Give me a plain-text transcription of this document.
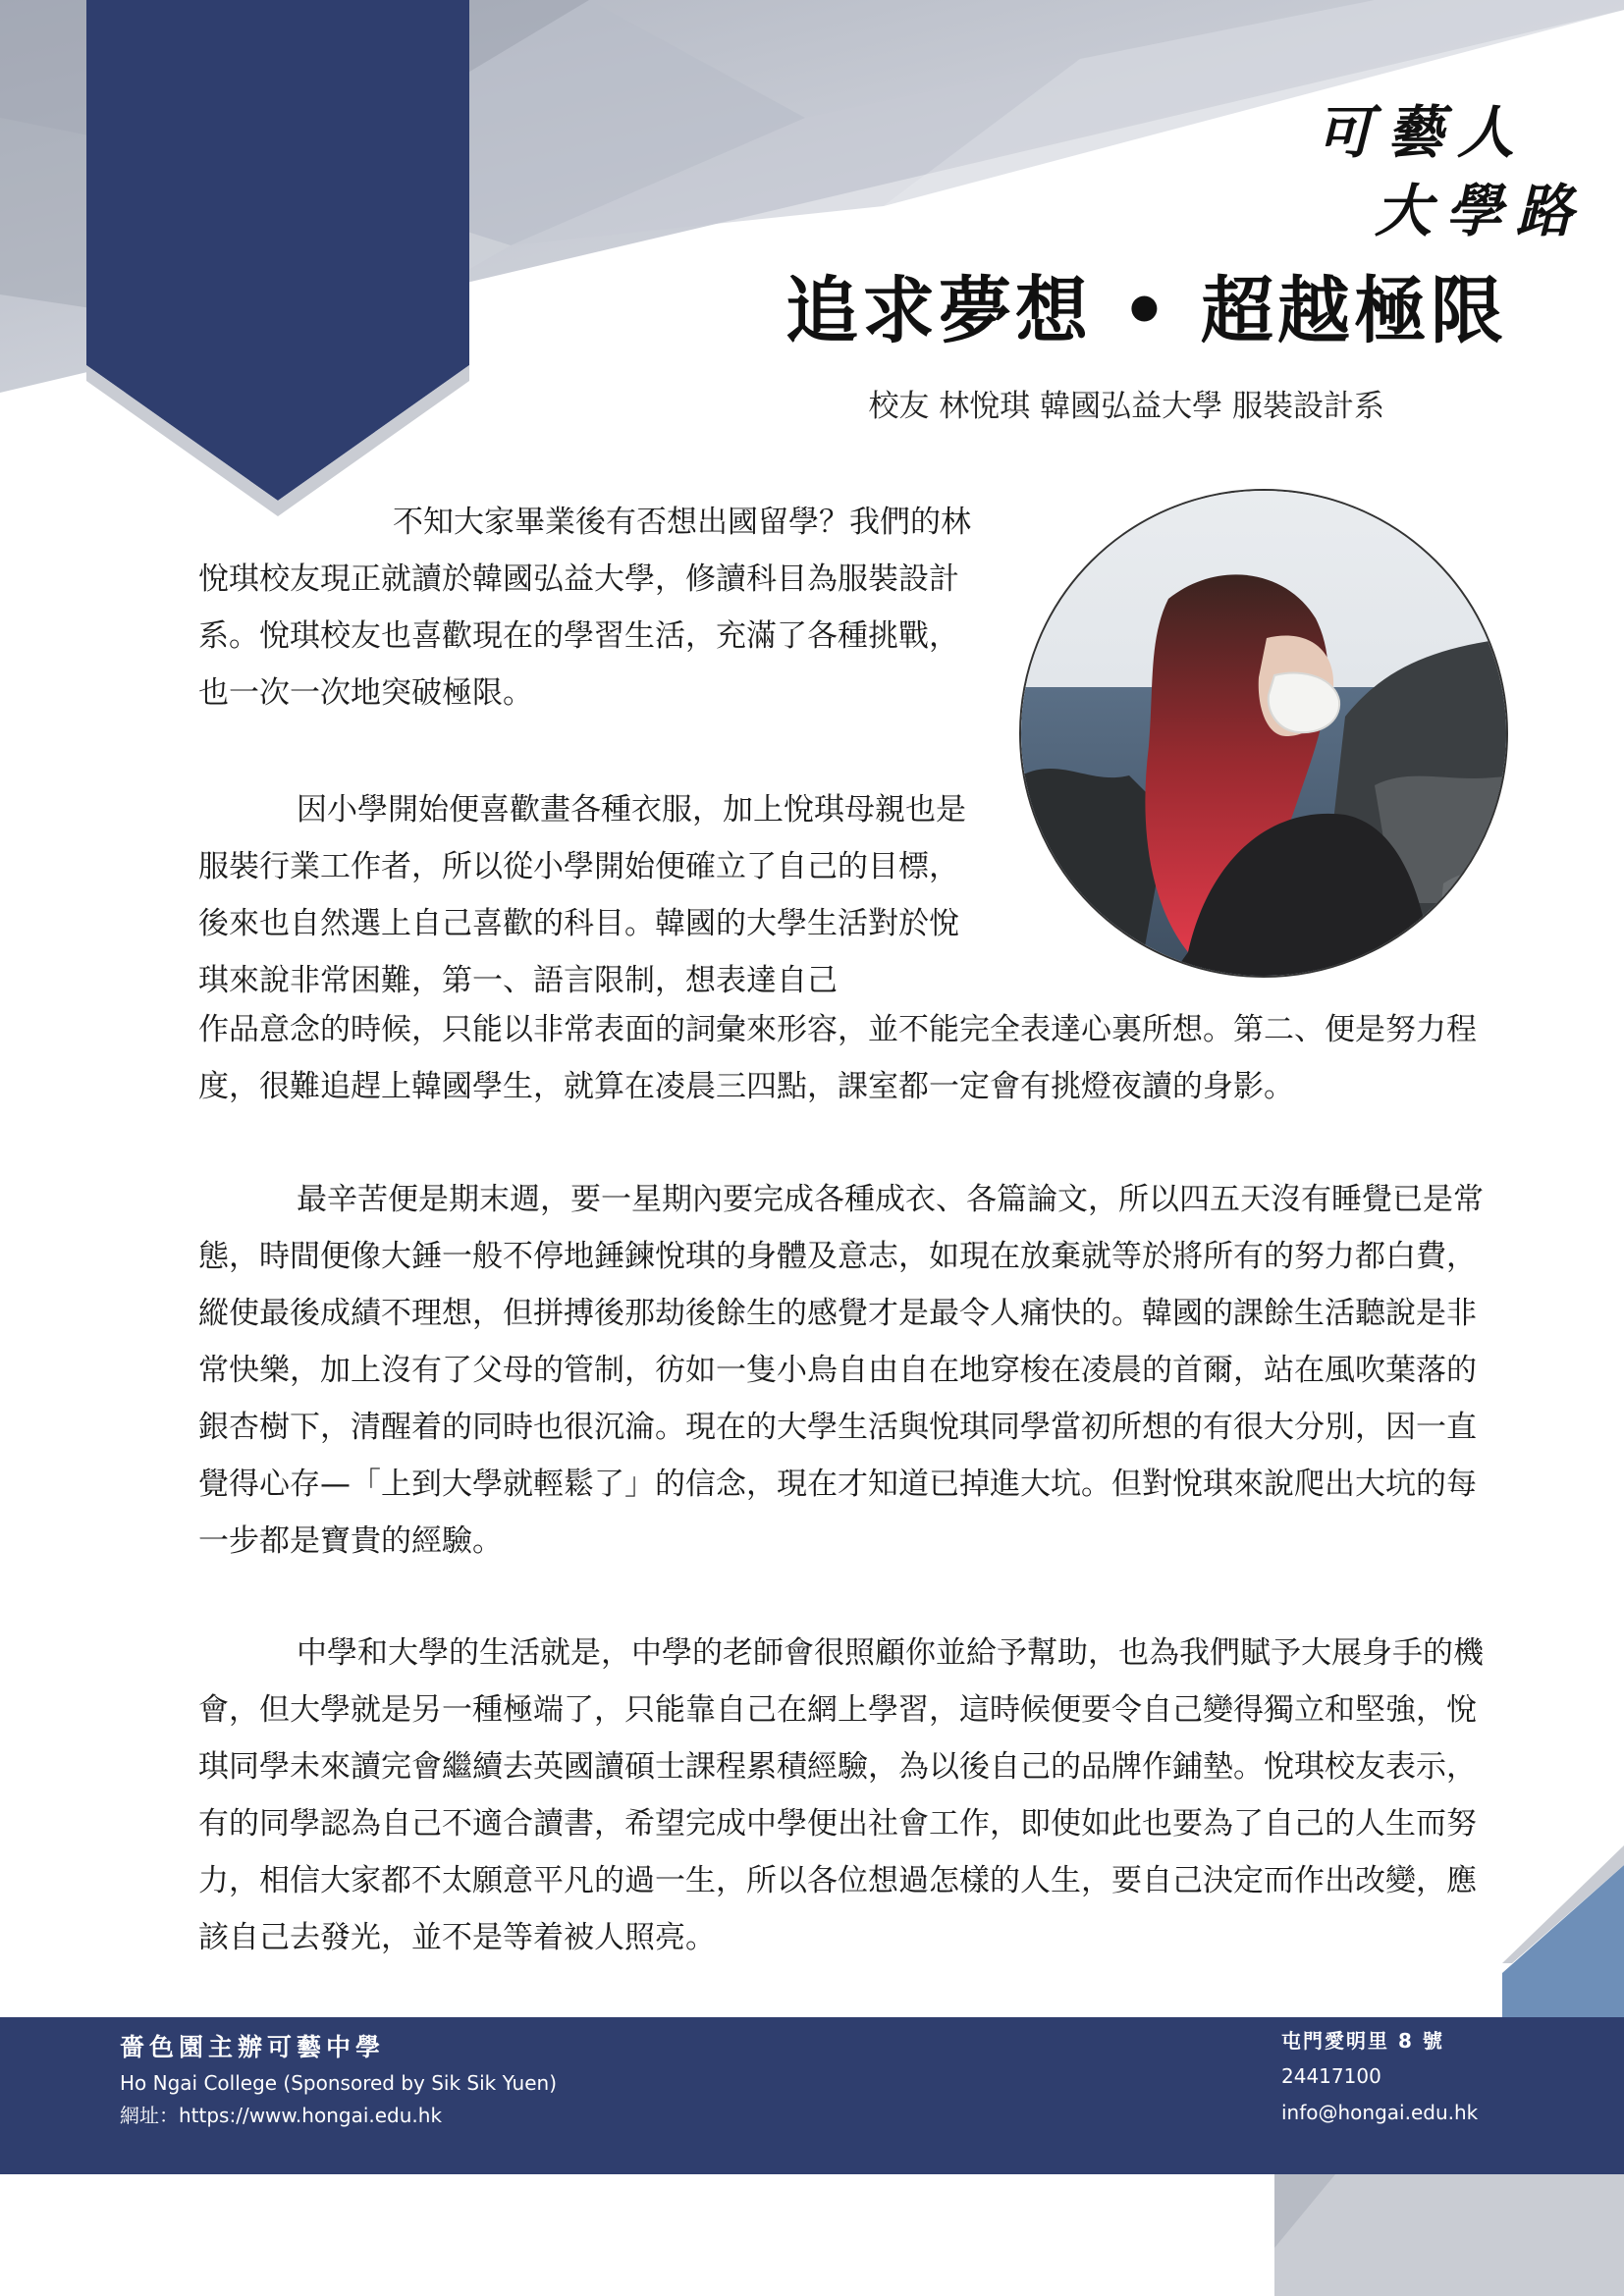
可藝人
大學路
追求夢想 • 超越極限
校友 林悅琪 韓國弘益大學 服裝設計系

不知大家畢業後有否想出國留學？我們的林悅琪校友現正就讀於韓國弘益大學，修讀科目為服裝設計系。悅琪校友也喜歡現在的學習生活，充滿了各種挑戰，也一次一次地突破極限。

因小學開始便喜歡畫各種衣服，加上悅琪母親也是服裝行業工作者，所以從小學開始便確立了自己的目標，後來也自然選上自己喜歡的科目。韓國的大學生活對於悅琪來說非常困難，第一、語言限制，想表達自己

作品意念的時候，只能以非常表面的詞彙來形容，並不能完全表達心裏所想。第二、便是努力程度，很難追趕上韓國學生，就算在凌晨三四點，課室都一定會有挑燈夜讀的身影。

最辛苦便是期末週，要一星期內要完成各種成衣、各篇論文，所以四五天沒有睡覺已是常態，時間便像大錘一般不停地錘鍊悅琪的身體及意志，如現在放棄就等於將所有的努力都白費，縱使最後成績不理想，但拼搏後那劫後餘生的感覺才是最令人痛快的。韓國的課餘生活聽說是非常快樂，加上沒有了父母的管制，彷如一隻小鳥自由自在地穿梭在凌晨的首爾，站在風吹葉落的銀杏樹下，清醒着的同時也很沉淪。現在的大學生活與悅琪同學當初所想的有很大分別，因一直覺得心存—「上到大學就輕鬆了」的信念，現在才知道已掉進大坑。但對悅琪來說爬出大坑的每一步都是寶貴的經驗。

中學和大學的生活就是，中學的老師會很照顧你並給予幫助，也為我們賦予大展身手的機會，但大學就是另一種極端了，只能靠自己在網上學習，這時候便要令自己變得獨立和堅強，悅琪同學未來讀完會繼續去英國讀碩士課程累積經驗，為以後自己的品牌作鋪墊。悅琪校友表示，有的同學認為自己不適合讀書，希望完成中學便出社會工作，即使如此也要為了自己的人生而努力，相信大家都不太願意平凡的過一生，所以各位想過怎樣的人生，要自己決定而作出改變，應該自己去發光，並不是等着被人照亮。

嗇色園主辦可藝中學
Ho Ngai College (Sponsored by Sik Sik Yuen)
網址：https://www.hongai.edu.hk
屯門愛明里 8 號
24417100
info@hongai.edu.hk
